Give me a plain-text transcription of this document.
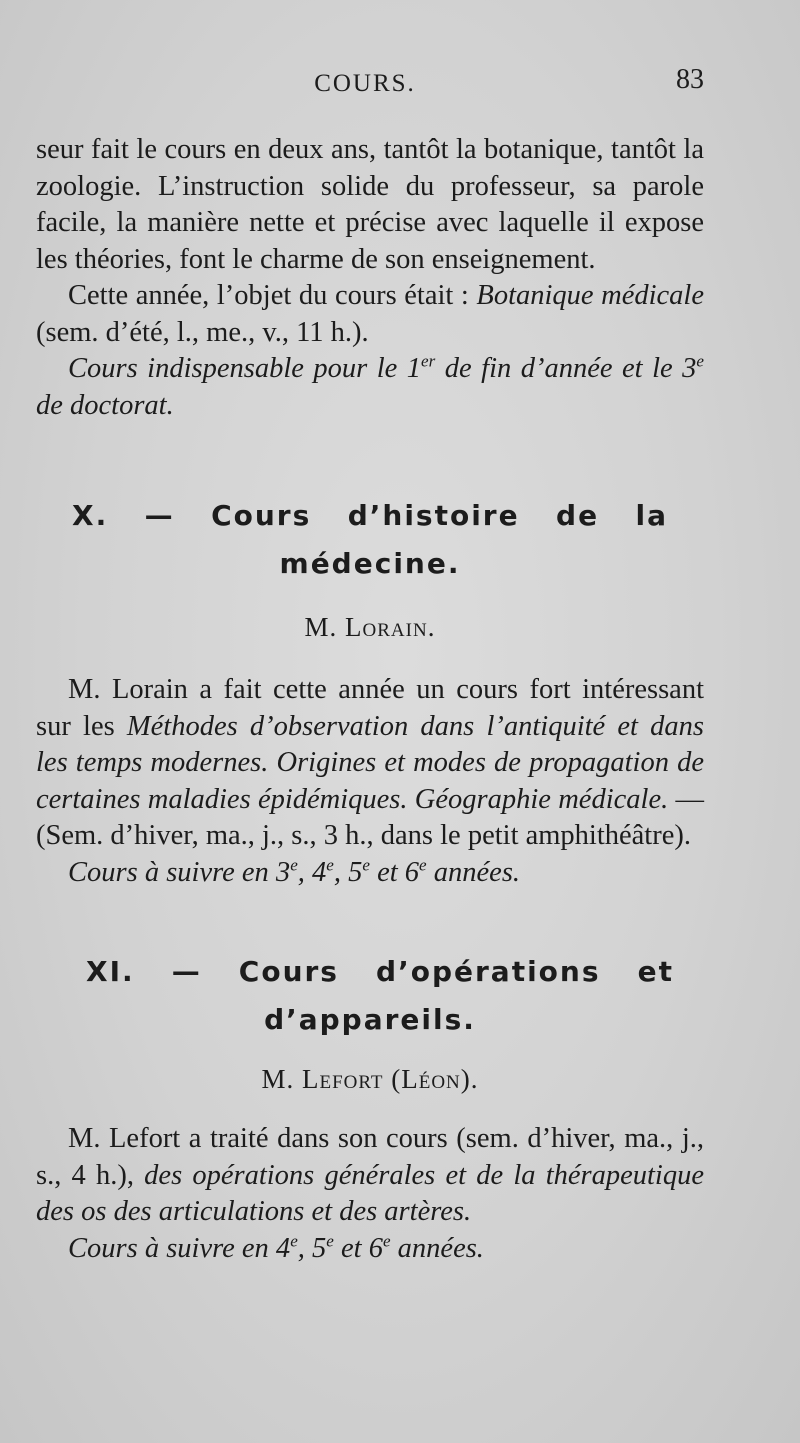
COURS.	83

seur fait le cours en deux ans, tantôt la botanique, tantôt la zoologie. L’instruction solide du professeur, sa parole facile, la manière nette et précise avec laquelle il expose les théories, font le charme de son enseignement.

Cette année, l’objet du cours était : Botanique médicale (sem. d’été, l., me., v., 11 h.).

Cours indispensable pour le 1er de fin d’année et le 3e de doctorat.

X. — Cours d’histoire de la
médecine.

M. Lorain.

M. Lorain a fait cette année un cours fort intéressant sur les Méthodes d’observation dans l’antiquité et dans les temps modernes. Origines et modes de propagation de certaines maladies épidémiques. Géographie médicale. — (Sem. d’hiver, ma., j., s., 3 h., dans le petit amphithéâtre).

Cours à suivre en 3e, 4e, 5e et 6e années.

XI. — Cours d’opérations et
d’appareils.

M. Lefort (Léon).

M. Lefort a traité dans son cours (sem. d’hiver, ma., j., s., 4 h.), des opérations générales et de la thérapeutique des os des articulations et des artères.

Cours à suivre en 4e, 5e et 6e années.
